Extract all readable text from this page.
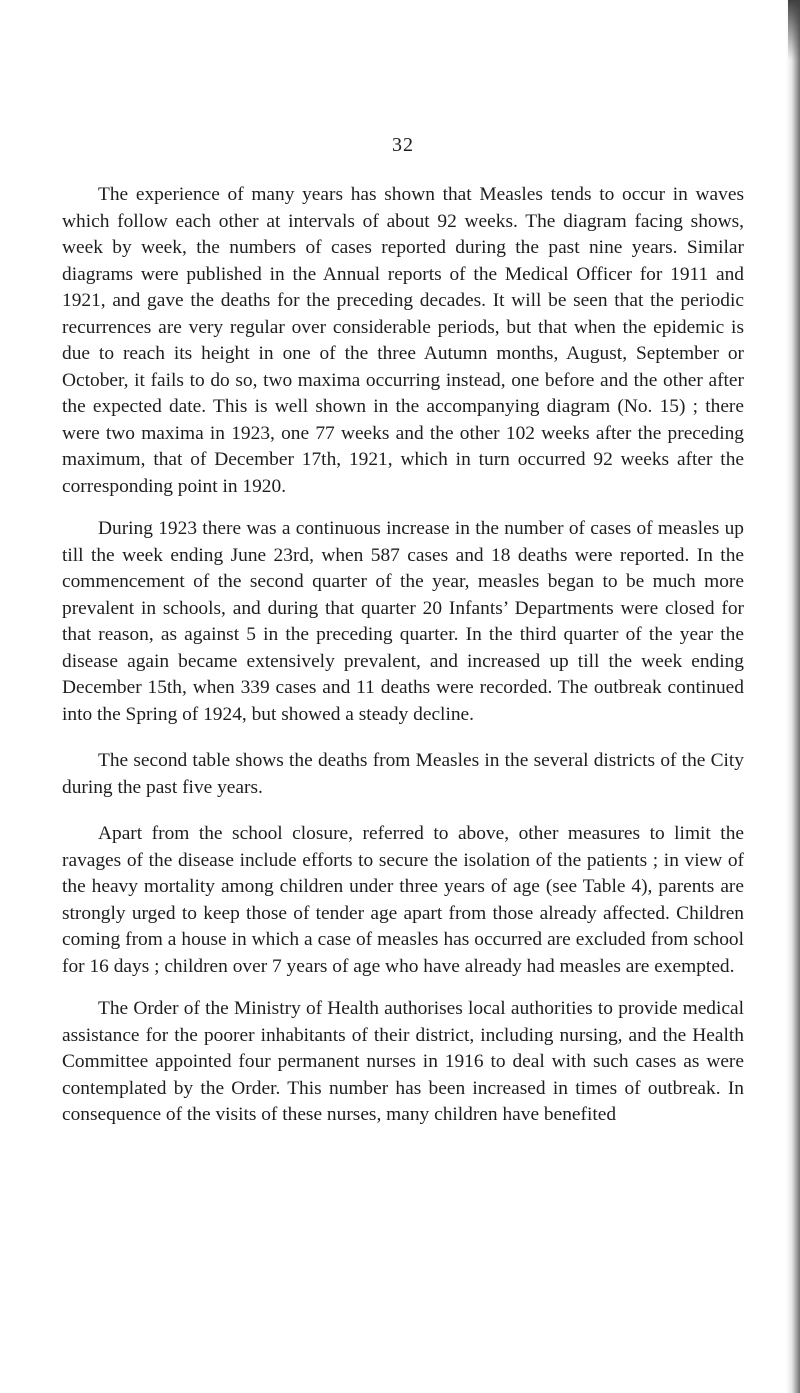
32

The experience of many years has shown that Measles tends to occur in waves which follow each other at intervals of about 92 weeks. The diagram facing shows, week by week, the numbers of cases reported during the past nine years. Similar diagrams were published in the Annual reports of the Medical Officer for 1911 and 1921, and gave the deaths for the preceding decades. It will be seen that the periodic recurrences are very regular over considerable periods, but that when the epidemic is due to reach its height in one of the three Autumn months, August, September or October, it fails to do so, two maxima occurring instead, one before and the other after the expected date. This is well shown in the accompanying diagram (No. 15) ; there were two maxima in 1923, one 77 weeks and the other 102 weeks after the preceding maximum, that of December 17th, 1921, which in turn occurred 92 weeks after the corresponding point in 1920.

During 1923 there was a continuous increase in the number of cases of measles up till the week ending June 23rd, when 587 cases and 18 deaths were reported. In the commencement of the second quarter of the year, measles began to be much more prevalent in schools, and during that quarter 20 Infants’ Departments were closed for that reason, as against 5 in the preceding quarter. In the third quarter of the year the disease again became extensively prevalent, and increased up till the week ending December 15th, when 339 cases and 11 deaths were recorded. The outbreak continued into the Spring of 1924, but showed a steady decline.

The second table shows the deaths from Measles in the several districts of the City during the past five years.

Apart from the school closure, referred to above, other measures to limit the ravages of the disease include efforts to secure the isolation of the patients ; in view of the heavy mortality among children under three years of age (see Table 4), parents are strongly urged to keep those of tender age apart from those already affected. Children coming from a house in which a case of measles has occurred are excluded from school for 16 days ; children over 7 years of age who have already had measles are exempted.

The Order of the Ministry of Health authorises local authorities to provide medical assistance for the poorer inhabitants of their district, including nursing, and the Health Committee appointed four permanent nurses in 1916 to deal with such cases as were contemplated by the Order. This number has been increased in times of outbreak. In consequence of the visits of these nurses, many children have benefited
